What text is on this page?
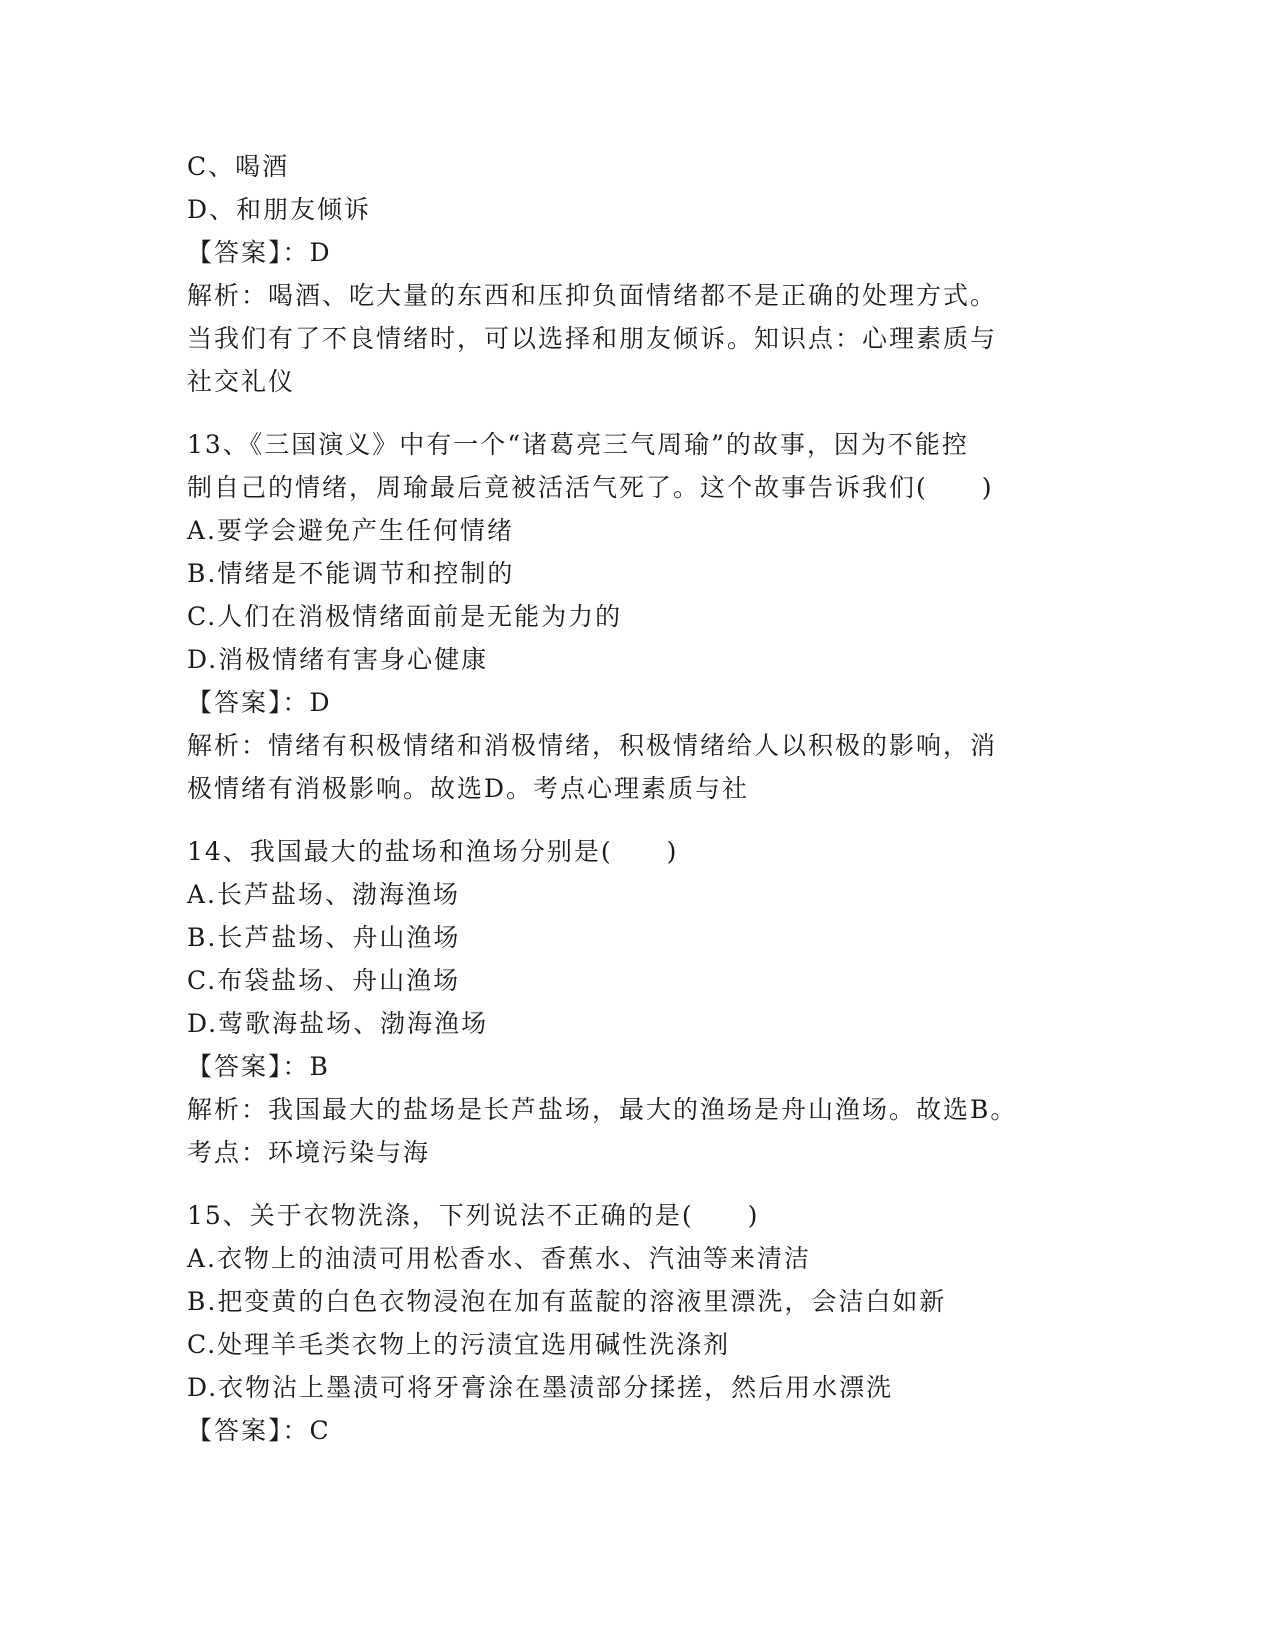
C、喝酒
D、和朋友倾诉
【答案】：D
解析：喝酒、吃大量的东西和压抑负面情绪都不是正确的处理方式。
当我们有了不良情绪时，可以选择和朋友倾诉。知识点：心理素质与
社交礼仪
13、《三国演义》中有一个“诸葛亮三气周瑜”的故事，因为不能控
制自己的情绪，周瑜最后竟被活活气死了。这个故事告诉我们(　　)
A.要学会避免产生任何情绪
B.情绪是不能调节和控制的
C.人们在消极情绪面前是无能为力的
D.消极情绪有害身心健康
【答案】：D
解析：情绪有积极情绪和消极情绪，积极情绪给人以积极的影响，消
极情绪有消极影响。故选D。考点心理素质与社
14、我国最大的盐场和渔场分别是(　　)
A.长芦盐场、渤海渔场
B.长芦盐场、舟山渔场
C.布袋盐场、舟山渔场
D.莺歌海盐场、渤海渔场
【答案】：B
解析：我国最大的盐场是长芦盐场，最大的渔场是舟山渔场。故选B。
考点：环境污染与海
15、关于衣物洗涤，下列说法不正确的是(　　)
A.衣物上的油渍可用松香水、香蕉水、汽油等来清洁
B.把变黄的白色衣物浸泡在加有蓝靛的溶液里漂洗，会洁白如新
C.处理羊毛类衣物上的污渍宜选用碱性洗涤剂
D.衣物沾上墨渍可将牙膏涂在墨渍部分揉搓，然后用水漂洗
【答案】：C
